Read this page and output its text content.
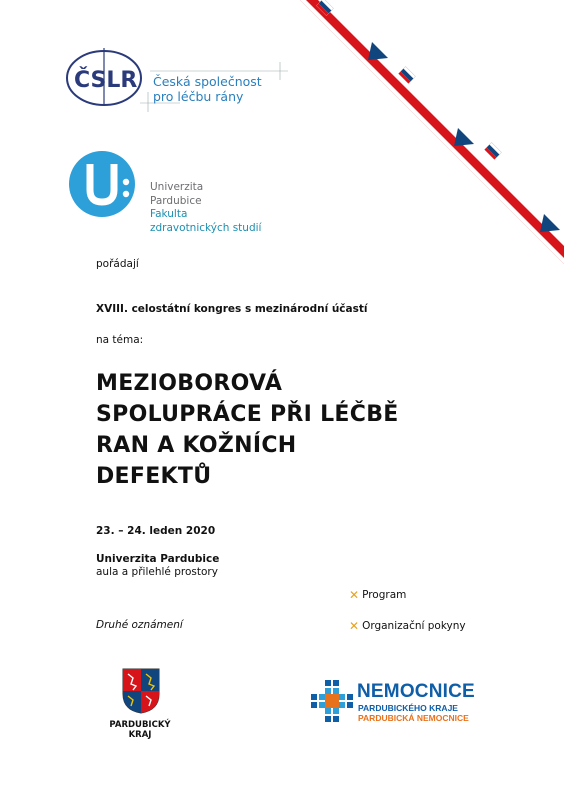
ČSLR Česká společnost
pro léčbu rány
Univerzita
Pardubice
Fakulta
zdravotnických studií
pořádají
XVIII. celostátní kongres s mezinárodní účastí
na téma:
MEZIOBOROVÁ
SPOLUPRÁCE PŘI LÉČBĚ
RAN A KOŽNÍCH
DEFEKTŮ
23. – 24. leden 2020
Univerzita Pardubice
aula a přilehlé prostory
Druhé oznámení
✕ Program
✕ Organizační pokyny
PARDUBICKÝ KRAJ
NEMOCNICE
PARDUBICKÉHO KRAJE
PARDUBICKÁ NEMOCNICE
